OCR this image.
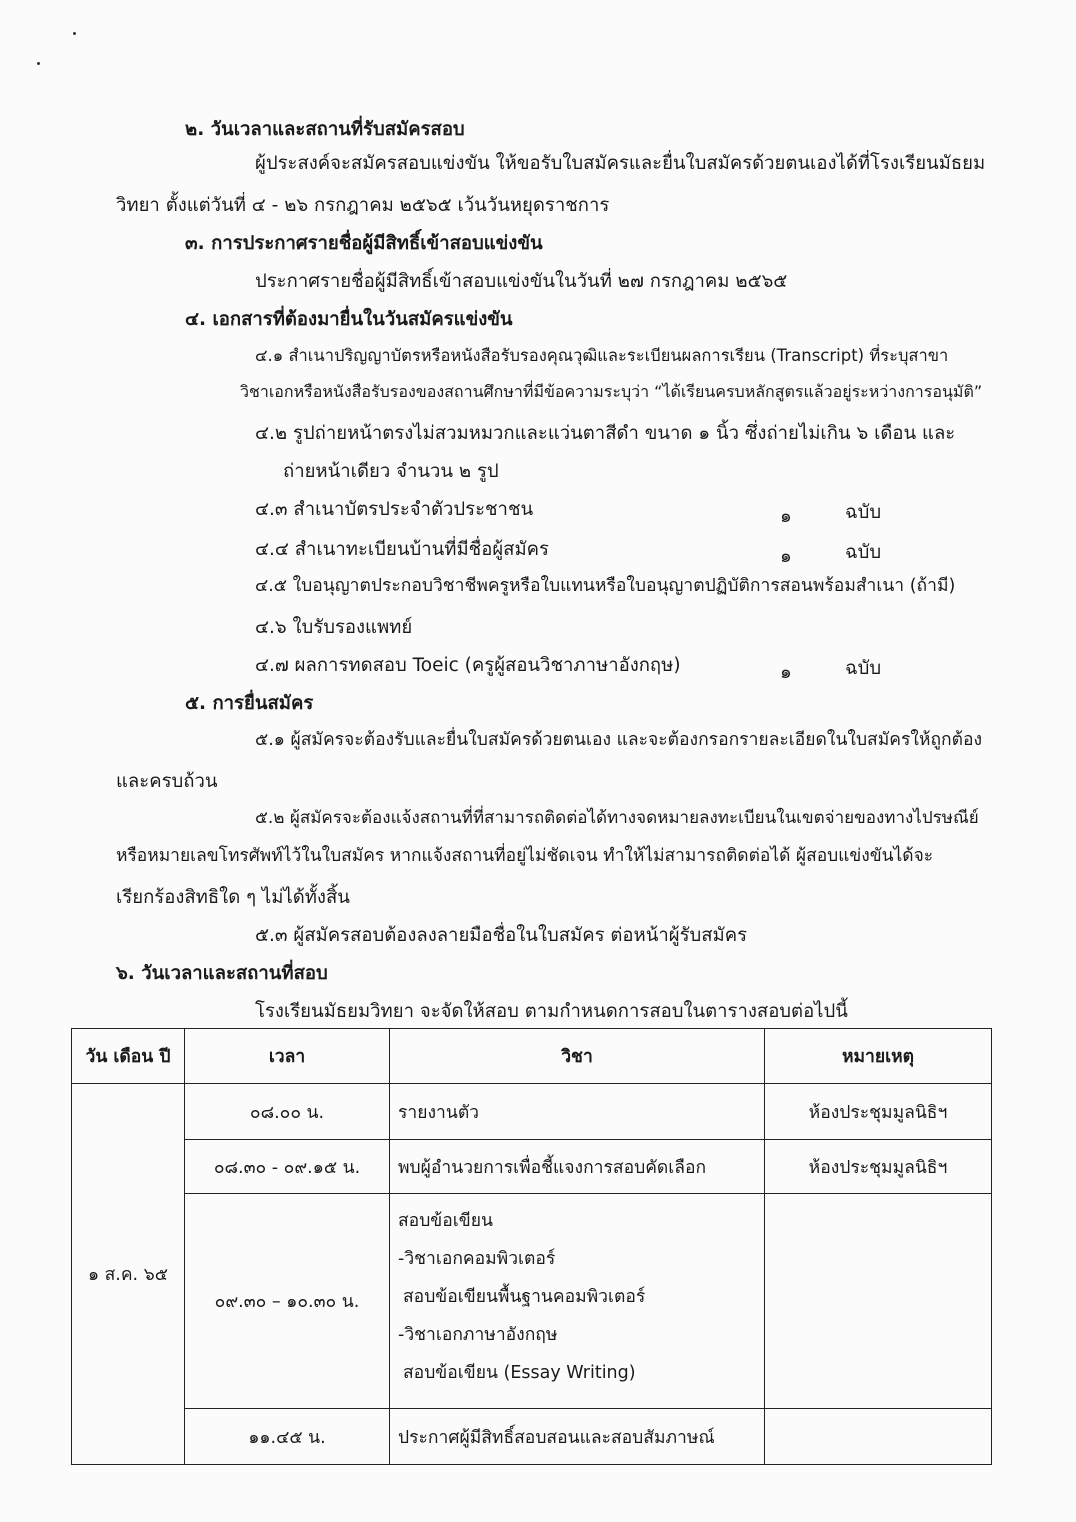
๒. วันเวลาและสถานที่รับสมัครสอบ
ผู้ประสงค์จะสมัครสอบแข่งขัน ให้ขอรับใบสมัครและยื่นใบสมัครด้วยตนเองได้ที่โรงเรียนมัธยม
วิทยา ตั้งแต่วันที่ ๔ - ๒๖ กรกฎาคม ๒๕๖๕ เว้นวันหยุดราชการ
๓. การประกาศรายชื่อผู้มีสิทธิ์เข้าสอบแข่งขัน
ประกาศรายชื่อผู้มีสิทธิ์เข้าสอบแข่งขันในวันที่ ๒๗ กรกฎาคม ๒๕๖๕
๔. เอกสารที่ต้องมายื่นในวันสมัครแข่งขัน
๔.๑ สำเนาปริญญาบัตรหรือหนังสือรับรองคุณวุฒิและระเบียนผลการเรียน (Transcript) ที่ระบุสาขา
วิชาเอกหรือหนังสือรับรองของสถานศึกษาที่มีข้อความระบุว่า “ได้เรียนครบหลักสูตรแล้วอยู่ระหว่างการอนุมัติ”
๔.๒ รูปถ่ายหน้าตรงไม่สวมหมวกและแว่นตาสีดำ ขนาด ๑ นิ้ว ซึ่งถ่ายไม่เกิน ๖ เดือน และ
ถ่ายหน้าเดียว จำนวน ๒ รูป
๔.๓ สำเนาบัตรประจำตัวประชาชน	๑	ฉบับ
๔.๔ สำเนาทะเบียนบ้านที่มีชื่อผู้สมัคร	๑	ฉบับ
๔.๕ ใบอนุญาตประกอบวิชาชีพครูหรือใบแทนหรือใบอนุญาตปฏิบัติการสอนพร้อมสำเนา (ถ้ามี)
๔.๖ ใบรับรองแพทย์
๔.๗ ผลการทดสอบ Toeic (ครูผู้สอนวิชาภาษาอังกฤษ)	๑	ฉบับ
๕. การยื่นสมัคร
๕.๑ ผู้สมัครจะต้องรับและยื่นใบสมัครด้วยตนเอง และจะต้องกรอกรายละเอียดในใบสมัครให้ถูกต้อง
และครบถ้วน
๕.๒ ผู้สมัครจะต้องแจ้งสถานที่ที่สามารถติดต่อได้ทางจดหมายลงทะเบียนในเขตจ่ายของทางไปรษณีย์
หรือหมายเลขโทรศัพท์ไว้ในใบสมัคร หากแจ้งสถานที่อยู่ไม่ชัดเจน ทำให้ไม่สามารถติดต่อได้ ผู้สอบแข่งขันได้จะ
เรียกร้องสิทธิใด ๆ ไม่ได้ทั้งสิ้น
๕.๓ ผู้สมัครสอบต้องลงลายมือชื่อในใบสมัคร ต่อหน้าผู้รับสมัคร
๖. วันเวลาและสถานที่สอบ
โรงเรียนมัธยมวิทยา จะจัดให้สอบ ตามกำหนดการสอบในตารางสอบต่อไปนี้
วัน เดือน ปี	เวลา	วิชา	หมายเหตุ
๑ ส.ค. ๖๕	๐๘.๐๐ น.	รายงานตัว	ห้องประชุมมูลนิธิฯ
	๐๘.๓๐ - ๐๙.๑๕ น.	พบผู้อำนวยการเพื่อชี้แจงการสอบคัดเลือก	ห้องประชุมมูลนิธิฯ
	๐๙.๓๐ – ๑๐.๓๐ น.	สอบข้อเขียน
-วิชาเอกคอมพิวเตอร์
สอบข้อเขียนพื้นฐานคอมพิวเตอร์
-วิชาเอกภาษาอังกฤษ
สอบข้อเขียน (Essay Writing)	

	๑๑.๔๕ น.	ประกาศผู้มีสิทธิ์สอบสอนและสอบสัมภาษณ์	
